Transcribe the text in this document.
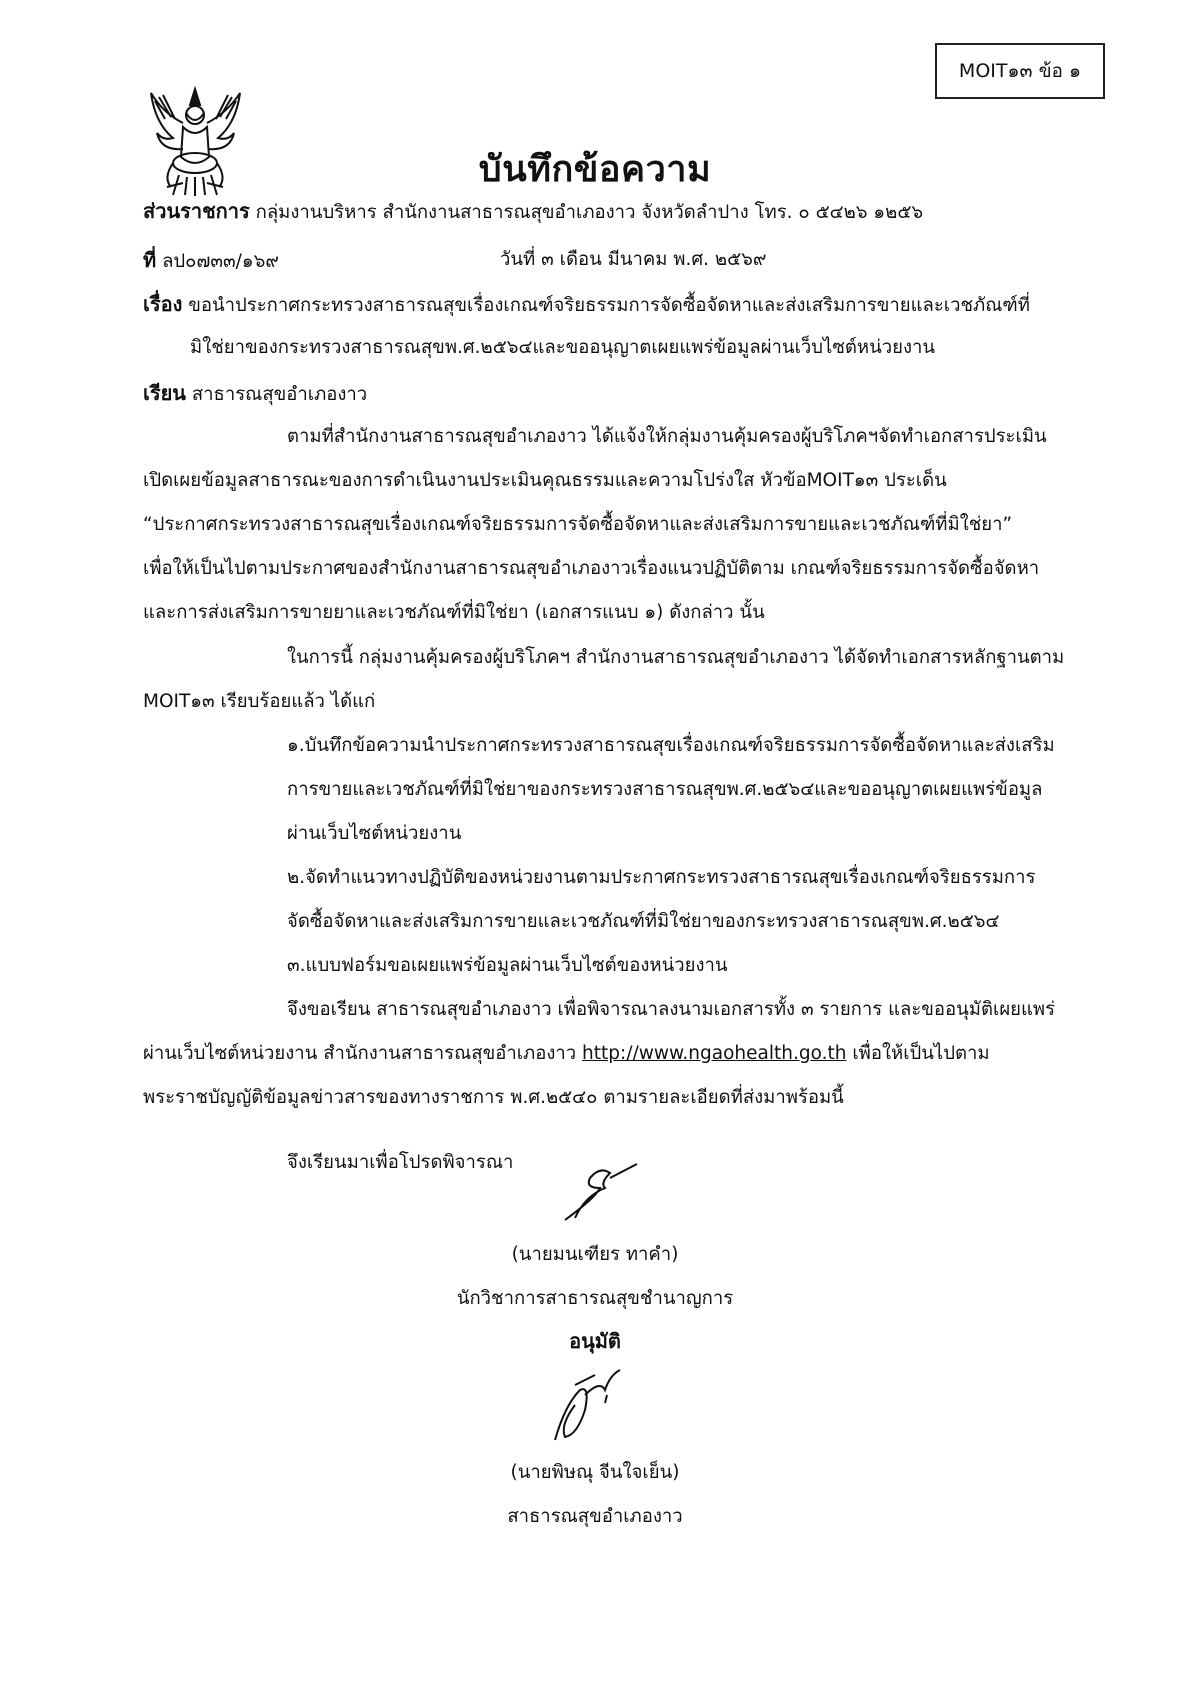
MOIT๑๓ ข้อ ๑
บันทึกข้อความ
ส่วนราชการ กลุ่มงานบริหาร สำนักงานสาธารณสุขอำเภองาว จังหวัดลำปาง โทร. ๐ ๕๔๒๖ ๑๒๕๖
ที่ ลป๐๗๓๓/๑๖๙	วันที่ ๓ เดือน มีนาคม พ.ศ. ๒๕๖๙
เรื่อง ขอนำประกาศกระทรวงสาธารณสุขเรื่องเกณฑ์จริยธรรมการจัดซื้อจัดหาและส่งเสริมการขายและเวชภัณฑ์ที่
มิใช่ยาของกระทรวงสาธารณสุขพ.ศ.๒๕๖๔และขออนุญาตเผยแพร่ข้อมูลผ่านเว็บไซต์หน่วยงาน
เรียน สาธารณสุขอำเภองาว
ตามที่สำนักงานสาธารณสุขอำเภองาว ได้แจ้งให้กลุ่มงานคุ้มครองผู้บริโภคฯจัดทำเอกสารประเมิน
เปิดเผยข้อมูลสาธารณะของการดำเนินงานประเมินคุณธรรมและความโปร่งใส หัวข้อMOIT๑๓ ประเด็น
“ประกาศกระทรวงสาธารณสุขเรื่องเกณฑ์จริยธรรมการจัดซื้อจัดหาและส่งเสริมการขายและเวชภัณฑ์ที่มิใช่ยา”
เพื่อให้เป็นไปตามประกาศของสำนักงานสาธารณสุขอำเภองาวเรื่องแนวปฏิบัติตาม เกณฑ์จริยธรรมการจัดซื้อจัดหา
และการส่งเสริมการขายยาและเวชภัณฑ์ที่มิใช่ยา (เอกสารแนบ ๑) ดังกล่าว นั้น
ในการนี้ กลุ่มงานคุ้มครองผู้บริโภคฯ สำนักงานสาธารณสุขอำเภองาว ได้จัดทำเอกสารหลักฐานตาม
MOIT๑๓ เรียบร้อยแล้ว ได้แก่
๑.บันทึกข้อความนำประกาศกระทรวงสาธารณสุขเรื่องเกณฑ์จริยธรรมการจัดซื้อจัดหาและส่งเสริม
การขายและเวชภัณฑ์ที่มิใช่ยาของกระทรวงสาธารณสุขพ.ศ.๒๕๖๔และขออนุญาตเผยแพร่ข้อมูล
ผ่านเว็บไซต์หน่วยงาน
๒.จัดทำแนวทางปฏิบัติของหน่วยงานตามประกาศกระทรวงสาธารณสุขเรื่องเกณฑ์จริยธรรมการ
จัดซื้อจัดหาและส่งเสริมการขายและเวชภัณฑ์ที่มิใช่ยาของกระทรวงสาธารณสุขพ.ศ.๒๕๖๔
๓.แบบฟอร์มขอเผยแพร่ข้อมูลผ่านเว็บไซต์ของหน่วยงาน
จึงขอเรียน สาธารณสุขอำเภองาว เพื่อพิจารณาลงนามเอกสารทั้ง ๓ รายการ และขออนุมัติเผยแพร่
ผ่านเว็บไซต์หน่วยงาน สำนักงานสาธารณสุขอำเภองาว http://www.ngaohealth.go.th เพื่อให้เป็นไปตาม
พระราชบัญญัติข้อมูลข่าวสารของทางราชการ พ.ศ.๒๕๔๐ ตามรายละเอียดที่ส่งมาพร้อมนี้
จึงเรียนมาเพื่อโปรดพิจารณา
(นายมนเฑียร ทาคำ)
นักวิชาการสาธารณสุขชำนาญการ
อนุมัติ
(นายพิษณุ จีนใจเย็น)
สาธารณสุขอำเภองาว
